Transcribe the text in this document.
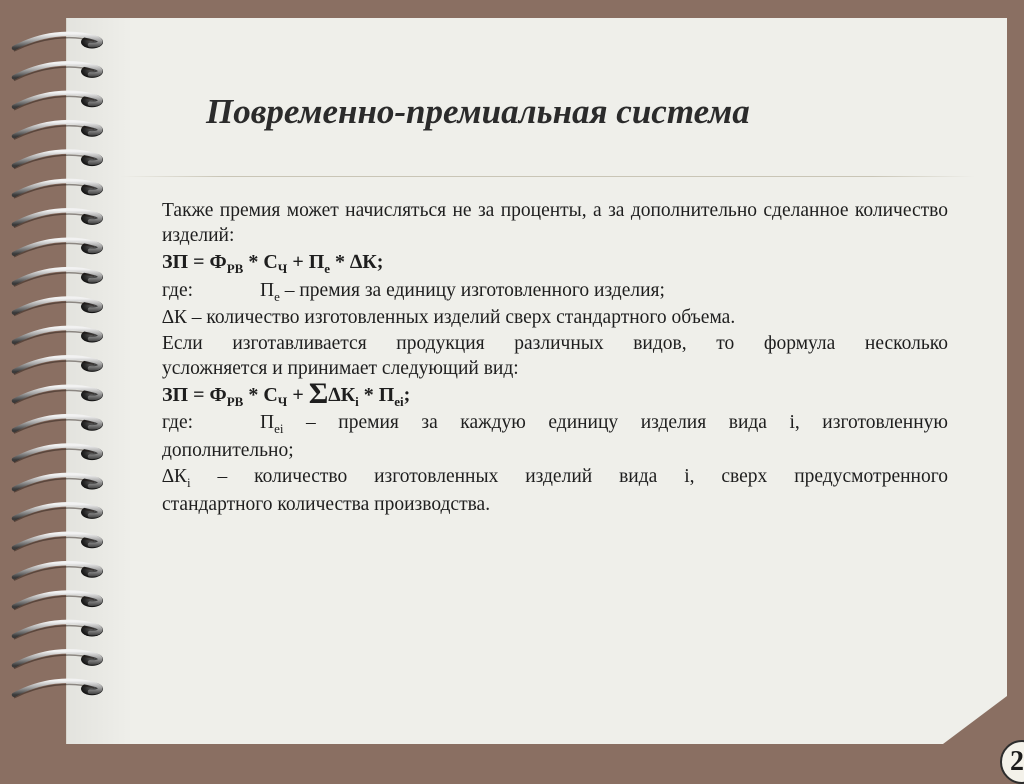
Повременно-премиальная система

Также премия может начисляться не за проценты, а за дополнительно сделанное количество изделий:

ЗП = $Ф_{РВ} * С_Ч + П_е * \Delta К$;

где:	$П_е$ – премия за единицу изготовленного изделия;

∆К – количество изготовленных изделий сверх стандартного объема.

Если изготавливается продукция различных видов, то формула несколько

усложняется и принимает следующий вид:

ЗП = $Ф_{РВ} * С_Ч + \Sigma\Delta К_i * П_{ei}$;

где:	$П_{ei}$ – премия за каждую единицу изделия вида i, изготовленную

дополнительно;

$\Delta К_i$ – количество изготовленных изделий вида i, сверх предусмотренного

стандартного количества производства.

2
